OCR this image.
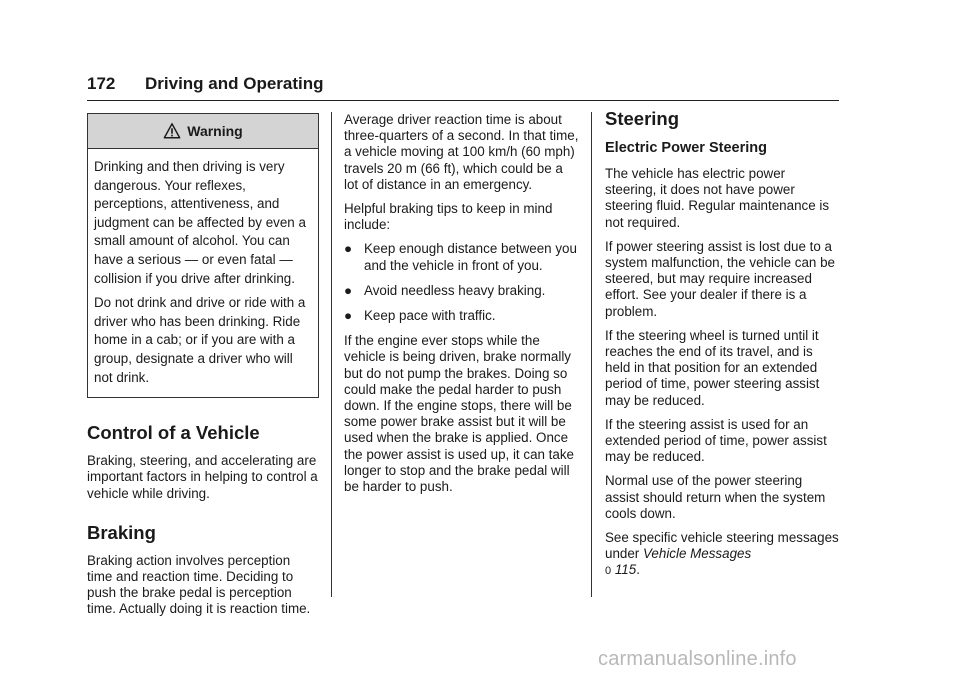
172 Driving and Operating
Warning

Drinking and then driving is very dangerous. Your reflexes, perceptions, attentiveness, and judgment can be affected by even a small amount of alcohol. You can have a serious — or even fatal — collision if you drive after drinking.

Do not drink and drive or ride with a driver who has been drinking. Ride home in a cab; or if you are with a group, designate a driver who will not drink.

Control of a Vehicle

Braking, steering, and accelerating are important factors in helping to control a vehicle while driving.

Braking

Braking action involves perception time and reaction time. Deciding to push the brake pedal is perception time. Actually doing it is reaction time.

Average driver reaction time is about three-quarters of a second. In that time, a vehicle moving at 100 km/h (60 mph) travels 20 m (66 ft), which could be a lot of distance in an emergency.

Helpful braking tips to keep in mind include:

● Keep enough distance between you and the vehicle in front of you.
● Avoid needless heavy braking.
● Keep pace with traffic.

If the engine ever stops while the vehicle is being driven, brake normally but do not pump the brakes. Doing so could make the pedal harder to push down. If the engine stops, there will be some power brake assist but it will be used when the brake is applied. Once the power assist is used up, it can take longer to stop and the brake pedal will be harder to push.

Steering
Electric Power Steering

The vehicle has electric power steering, it does not have power steering fluid. Regular maintenance is not required.

If power steering assist is lost due to a system malfunction, the vehicle can be steered, but may require increased effort. See your dealer if there is a problem.

If the steering wheel is turned until it reaches the end of its travel, and is held in that position for an extended period of time, power steering assist may be reduced.

If the steering assist is used for an extended period of time, power assist may be reduced.

Normal use of the power steering assist should return when the system cools down.

See specific vehicle steering messages under Vehicle Messages
0 115.

carmanualsonline.info
